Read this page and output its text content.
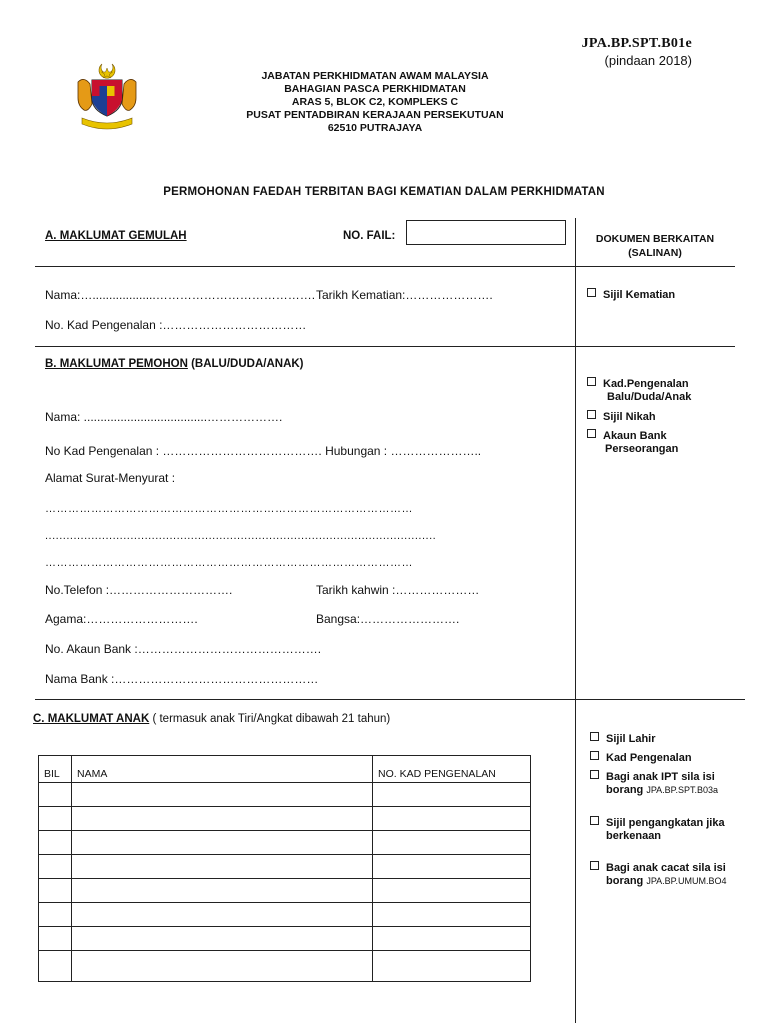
JPA.BP.SPT.B01e
(pindaan 2018)
JABATAN PERKHIDMATAN AWAM MALAYSIA
BAHAGIAN PASCA PERKHIDMATAN
ARAS 5, BLOK C2, KOMPLEKS C
PUSAT PENTADBIRAN KERAJAAN PERSEKUTUAN
62510 PUTRAJAYA
PERMOHONAN FAEDAH TERBITAN BAGI KEMATIAN DALAM PERKHIDMATAN
A. MAKLUMAT GEMULAH	NO. FAIL:	DOKUMEN BERKAITAN
(SALINAN)
Nama:…...................…………………………………. Tarikh Kematian:………………….
No. Kad Pengenalan :………………………………
Sijil Kematian
B. MAKLUMAT PEMOHON (BALU/DUDA/ANAK)
Nama: .....................................……………….
No Kad Pengenalan : …………………………………. Hubungan : …………………..
Alamat Surat-Menyurat :
……………………………………………………………………………………
..............................................................................................................
……………………………………………………………………………………
No.Telefon :………………………….	Tarikh kahwin :…………………
Agama:……………………….	Bangsa:…………………….
No. Akaun Bank :……………………………………….
Nama Bank :……………………………………………
Kad.Pengenalan
Balu/Duda/Anak
Sijil Nikah
Akaun Bank
Perseorangan
C. MAKLUMAT ANAK ( termasuk anak Tiri/Angkat dibawah 21 tahun)
BIL	NAMA	NO. KAD PENGENALAN

Sijil Lahir
Kad Pengenalan
Bagi anak IPT sila isi
borang JPA.BP.SPT.B03a
Sijil pengangkatan jika
berkenaan
Bagi anak cacat sila isi
borang JPA.BP.UMUM.BO4
